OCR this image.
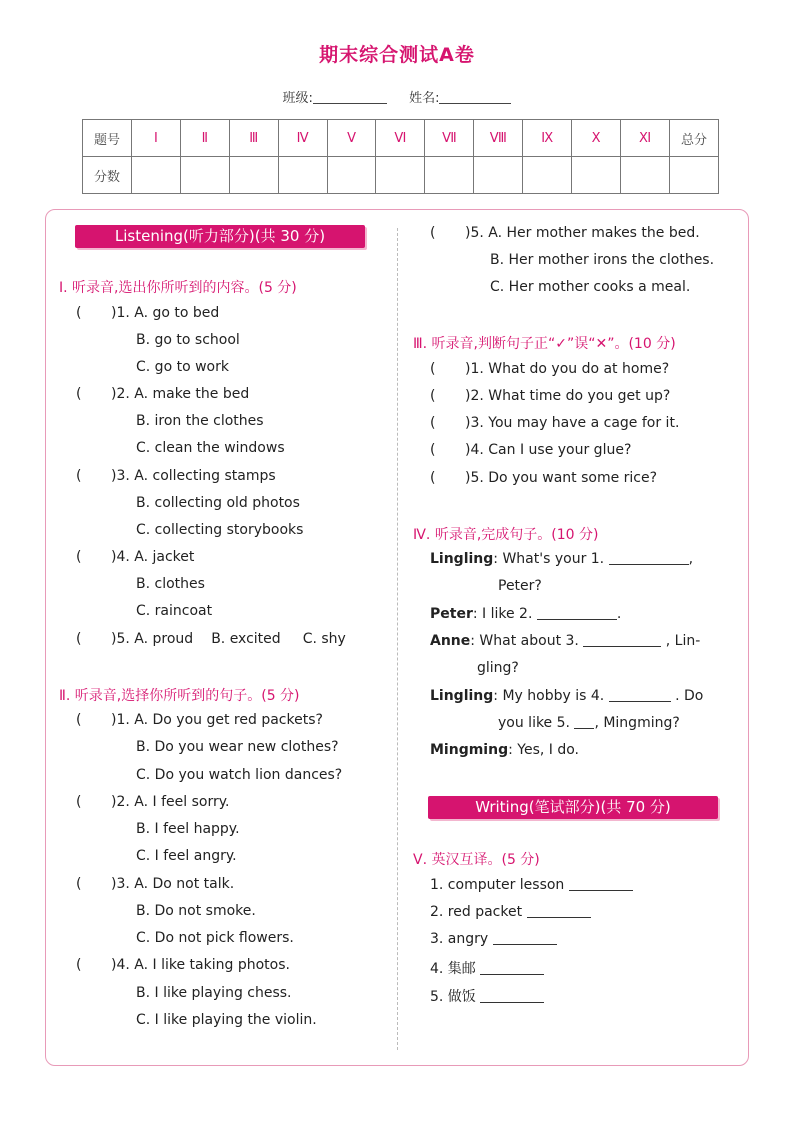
期末综合测试A卷
班级:	姓名:
题号	Ⅰ	Ⅱ	Ⅲ	Ⅳ	Ⅴ	Ⅵ	Ⅶ	Ⅷ	Ⅸ	Ⅹ	Ⅺ	总分
分数												
Listening(听力部分)(共 30 分)
Ⅰ. 听录音,选出你所听到的内容。(5 分)
( )1. A. go to bed
B. go to school
C. go to work
( )2. A. make the bed
B. iron the clothes
C. clean the windows
( )3. A. collecting stamps
B. collecting old photos
C. collecting storybooks
( )4. A. jacket
B. clothes
C. raincoat
( )5. A. proud B. excited C. shy
Ⅱ. 听录音,选择你所听到的句子。(5 分)
( )1. A. Do you get red packets?
B. Do you wear new clothes?
C. Do you watch lion dances?
( )2. A. I feel sorry.
B. I feel happy.
C. I feel angry.
( )3. A. Do not talk.
B. Do not smoke.
C. Do not pick flowers.
( )4. A. I like taking photos.
B. I like playing chess.
C. I like playing the violin.
( )5. A. Her mother makes the bed.
B. Her mother irons the clothes.
C. Her mother cooks a meal.
Ⅲ. 听录音,判断句子正“✓”误“✕”。(10 分)
( )1. What do you do at home?
( )2. What time do you get up?
( )3. You may have a cage for it.
( )4. Can I use your glue?
( )5. Do you want some rice?
Ⅳ. 听录音,完成句子。(10 分)
Lingling: What's your 1.	,
Peter?
Peter: I like 2.	.
Anne: What about 3.	, Lin-
gling?
Lingling: My hobby is 4.	. Do
you like 5. , Mingming?
Mingming: Yes, I do.
Writing(笔试部分)(共 70 分)
Ⅴ. 英汉互译。(5 分)
1. computer lesson
2. red packet
3. angry
4. 集邮
5. 做饭
